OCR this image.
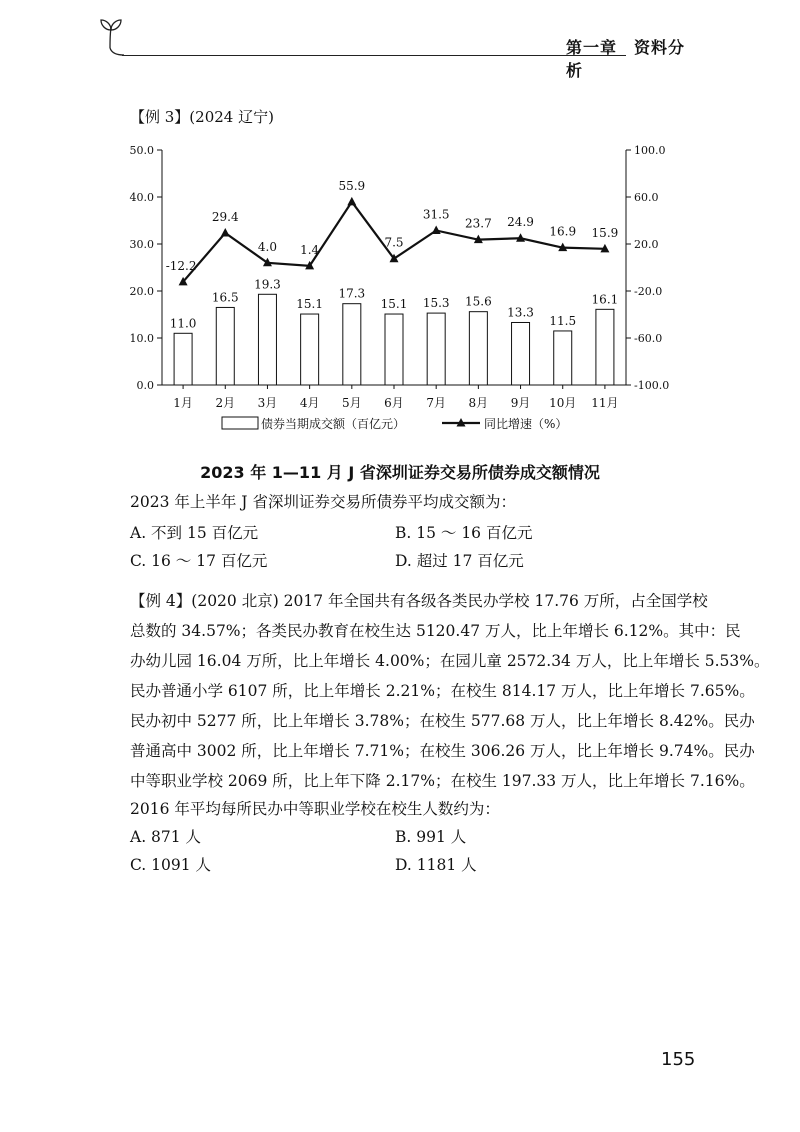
第一章　资料分析
【例 3】(2024 辽宁)
0.0
10.0
20.0
30.0
40.0
50.0
-100.0
-60.0
-20.0
20.0
60.0
100.0
11.0
16.5
19.3
15.1
17.3
15.1 15.3 15.6
13.3
11.5
16.1
-12.2
29.4
4.0 1.4
55.9
7.5
31.5
23.7 24.9
16.9 15.9
1月 2月 3月 4月 5月 6月 7月 8月 9月 10月 11月
债券当期成交额（百亿元）	同比增速（%）
2023 年 1—11 月 J 省深圳证券交易所债券成交额情况
2023 年上半年 J 省深圳证券交易所债券平均成交额为：
A. 不到 15 百亿元	B. 15 ～ 16 百亿元
C. 16 ～ 17 百亿元	D. 超过 17 百亿元
【例 4】(2020 北京) 2017 年全国共有各级各类民办学校 17.76 万所，占全国学校
总数的 34.57%；各类民办教育在校生达 5120.47 万人，比上年增长 6.12%。其中：民
办幼儿园 16.04 万所，比上年增长 4.00%；在园儿童 2572.34 万人，比上年增长 5.53%。
民办普通小学 6107 所，比上年增长 2.21%；在校生 814.17 万人，比上年增长 7.65%。
民办初中 5277 所，比上年增长 3.78%；在校生 577.68 万人，比上年增长 8.42%。民办
普通高中 3002 所，比上年增长 7.71%；在校生 306.26 万人，比上年增长 9.74%。民办
中等职业学校 2069 所，比上年下降 2.17%；在校生 197.33 万人，比上年增长 7.16%。
2016 年平均每所民办中等职业学校在校生人数约为：
A. 871 人	B. 991 人
C. 1091 人	D. 1181 人
155
